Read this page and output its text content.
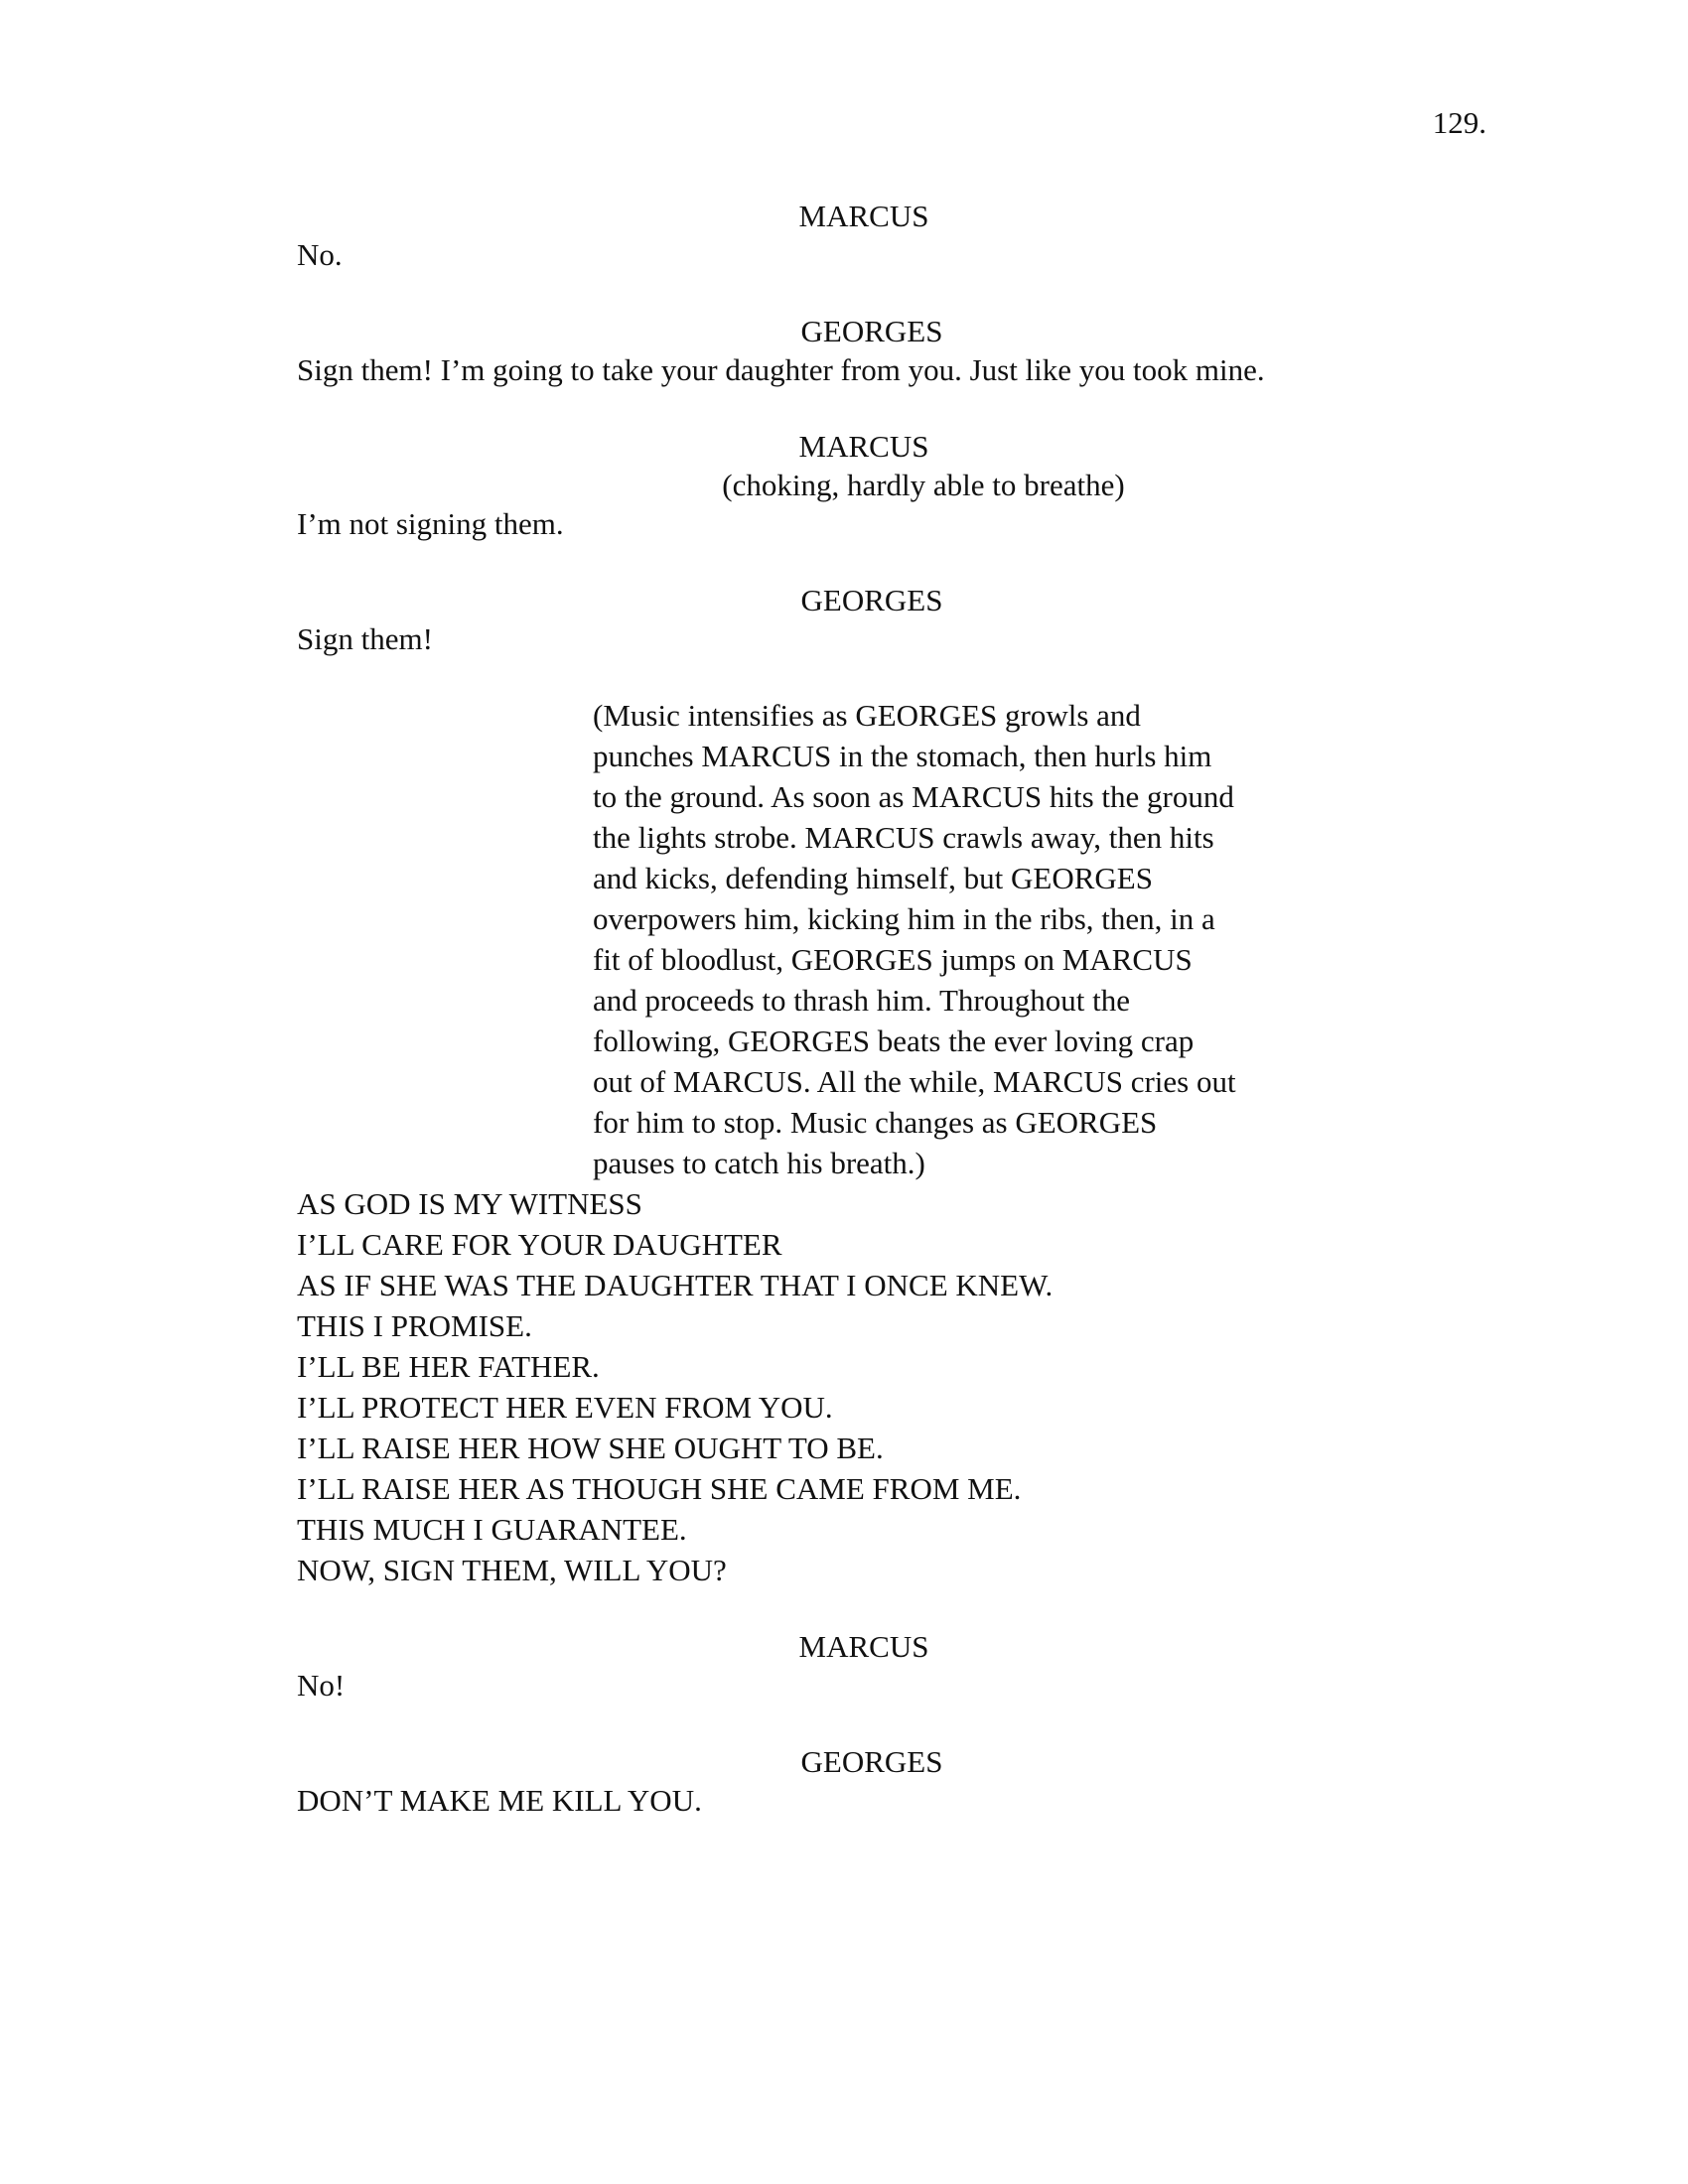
129.
MARCUS
No.
GEORGES
Sign them! I’m going to take your daughter from you. Just like you took mine.
MARCUS
(choking, hardly able to breathe)
I’m not signing them.
GEORGES
Sign them!
(Music intensifies as GEORGES growls and
punches MARCUS in the stomach, then hurls him
to the ground. As soon as MARCUS hits the ground
the lights strobe. MARCUS crawls away, then hits
and kicks, defending himself, but GEORGES
overpowers him, kicking him in the ribs, then, in a
fit of bloodlust, GEORGES jumps on MARCUS
and proceeds to thrash him. Throughout the
following, GEORGES beats the ever loving crap
out of MARCUS. All the while, MARCUS cries out
for him to stop. Music changes as GEORGES
pauses to catch his breath.)
AS GOD IS MY WITNESS
I’LL CARE FOR YOUR DAUGHTER
AS IF SHE WAS THE DAUGHTER THAT I ONCE KNEW.
THIS I PROMISE.
I’LL BE HER FATHER.
I’LL PROTECT HER EVEN FROM YOU.
I’LL RAISE HER HOW SHE OUGHT TO BE.
I’LL RAISE HER AS THOUGH SHE CAME FROM ME.
THIS MUCH I GUARANTEE.
NOW, SIGN THEM, WILL YOU?
MARCUS
No!
GEORGES
DON’T MAKE ME KILL YOU.
